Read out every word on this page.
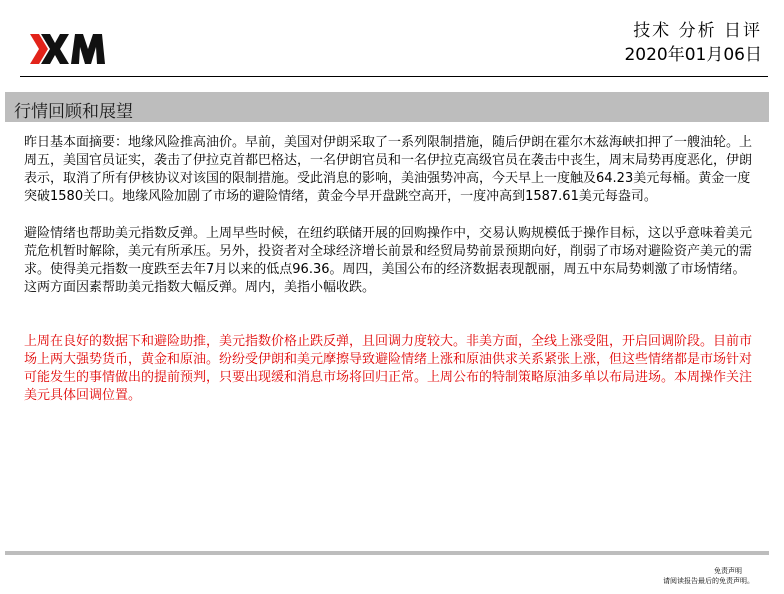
技术 分析 日评
2020年01月06日
行情回顾和展望

昨日基本面摘要：地缘风险推高油价。早前，美国对伊朗采取了一系列限制措施，随后伊朗在霍尔木兹海峡扣押了一艘油轮。上周五，美国官员证实，袭击了伊拉克首都巴格达，一名伊朗官员和一名伊拉克高级官员在袭击中丧生，周末局势再度恶化，伊朗表示，取消了所有伊核协议对该国的限制措施。受此消息的影响，美油强势冲高，今天早上一度触及64.23美元每桶。黄金一度突破1580关口。地缘风险加剧了市场的避险情绪，黄金今早开盘跳空高开，一度冲高到1587.61美元每盎司。

避险情绪也帮助美元指数反弹。上周早些时候，在纽约联储开展的回购操作中，交易认购规模低于操作目标，这以乎意味着美元荒危机暂时解除，美元有所承压。另外，投资者对全球经济增长前景和经贸局势前景预期向好，削弱了市场对避险资产美元的需求。使得美元指数一度跌至去年7月以来的低点96.36。周四，美国公布的经济数据表现靓丽，周五中东局势刺激了市场情绪。这两方面因素帮助美元指数大幅反弹。周内，美指小幅收跌。

上周在良好的数据下和避险助推，美元指数价格止跌反弹，且回调力度较大。非美方面，全线上涨受阻，开启回调阶段。目前市场上两大强势货币，黄金和原油。纷纷受伊朗和美元摩擦导致避险情绪上涨和原油供求关系紧张上涨，但这些情绪都是市场针对可能发生的事情做出的提前预判，只要出现缓和消息市场将回归正常。上周公布的特制策略原油多单以布局进场。本周操作关注美元具体回调位置。

免责声明
请阅读报告最后的免责声明。
